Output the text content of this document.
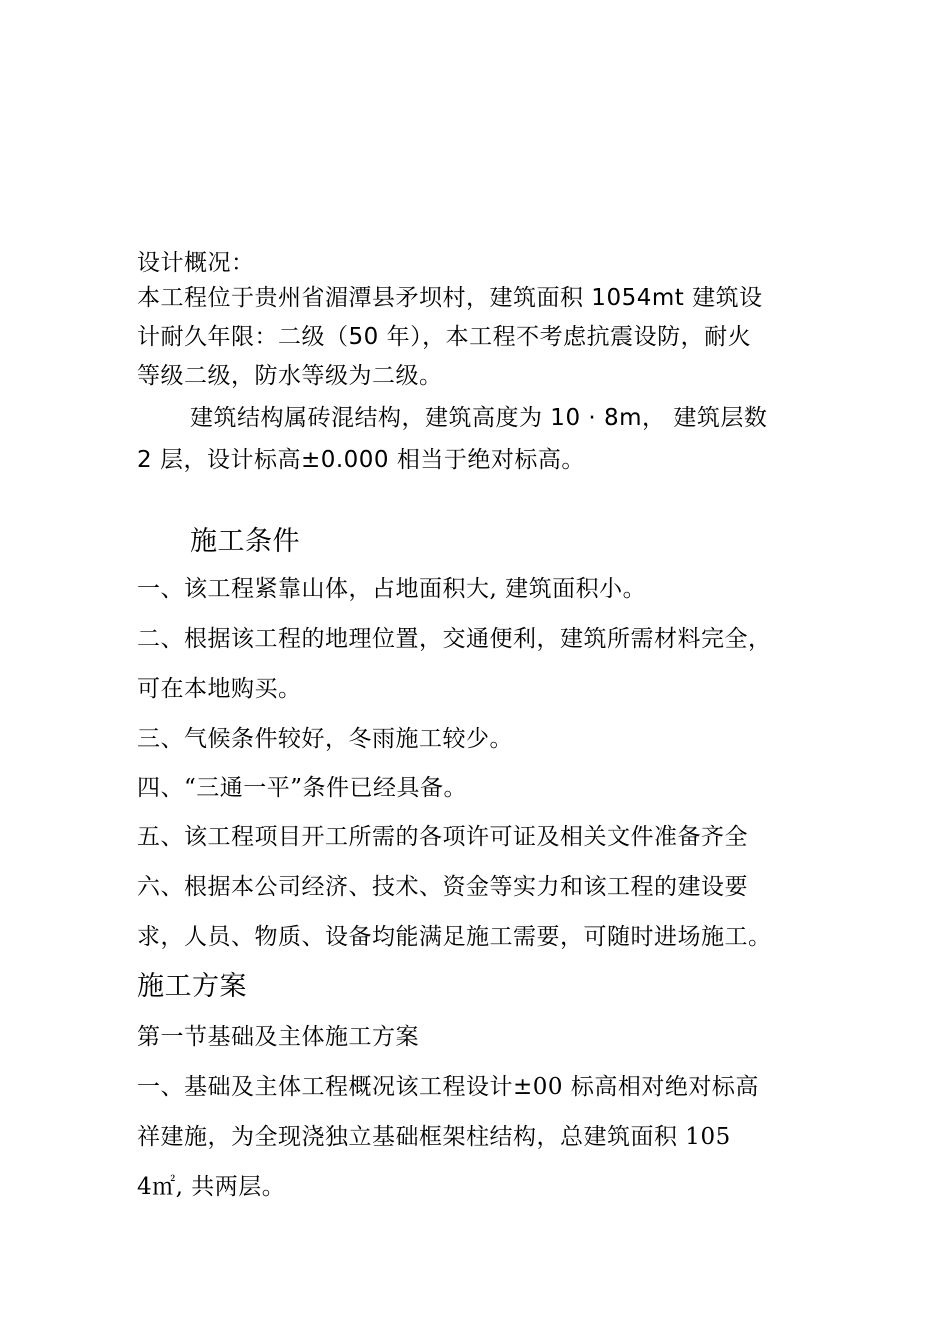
设计概况：

本工程位于贵州省湄潭县矛坝村，建筑面积 1054mt 建筑设

计耐久年限：二级（50 年），本工程不考虑抗震设防，耐火

等级二级，防水等级为二级。

建筑结构属砖混结构，建筑高度为 10 · 8m， 建筑层数

2 层，设计标高±0.000 相当于绝对标高。

施工条件

一、该工程紧靠山体，占地面积大, 建筑面积小。

二、根据该工程的地理位置，交通便利，建筑所需材料完全，

可在本地购买。

三、气候条件较好，冬雨施工较少。

四、“三通一平”条件已经具备。

五、该工程项目开工所需的各项许可证及相关文件准备齐全

六、根据本公司经济、技术、资金等实力和该工程的建设要

求，人员、物质、设备均能满足施工需要，可随时进场施工。

施工方案

第一节基础及主体施工方案

一、基础及主体工程概况该工程设计±00 标高相对绝对标高

祥建施，为全现浇独立基础框架柱结构，总建筑面积 105

4㎡, 共两层。
